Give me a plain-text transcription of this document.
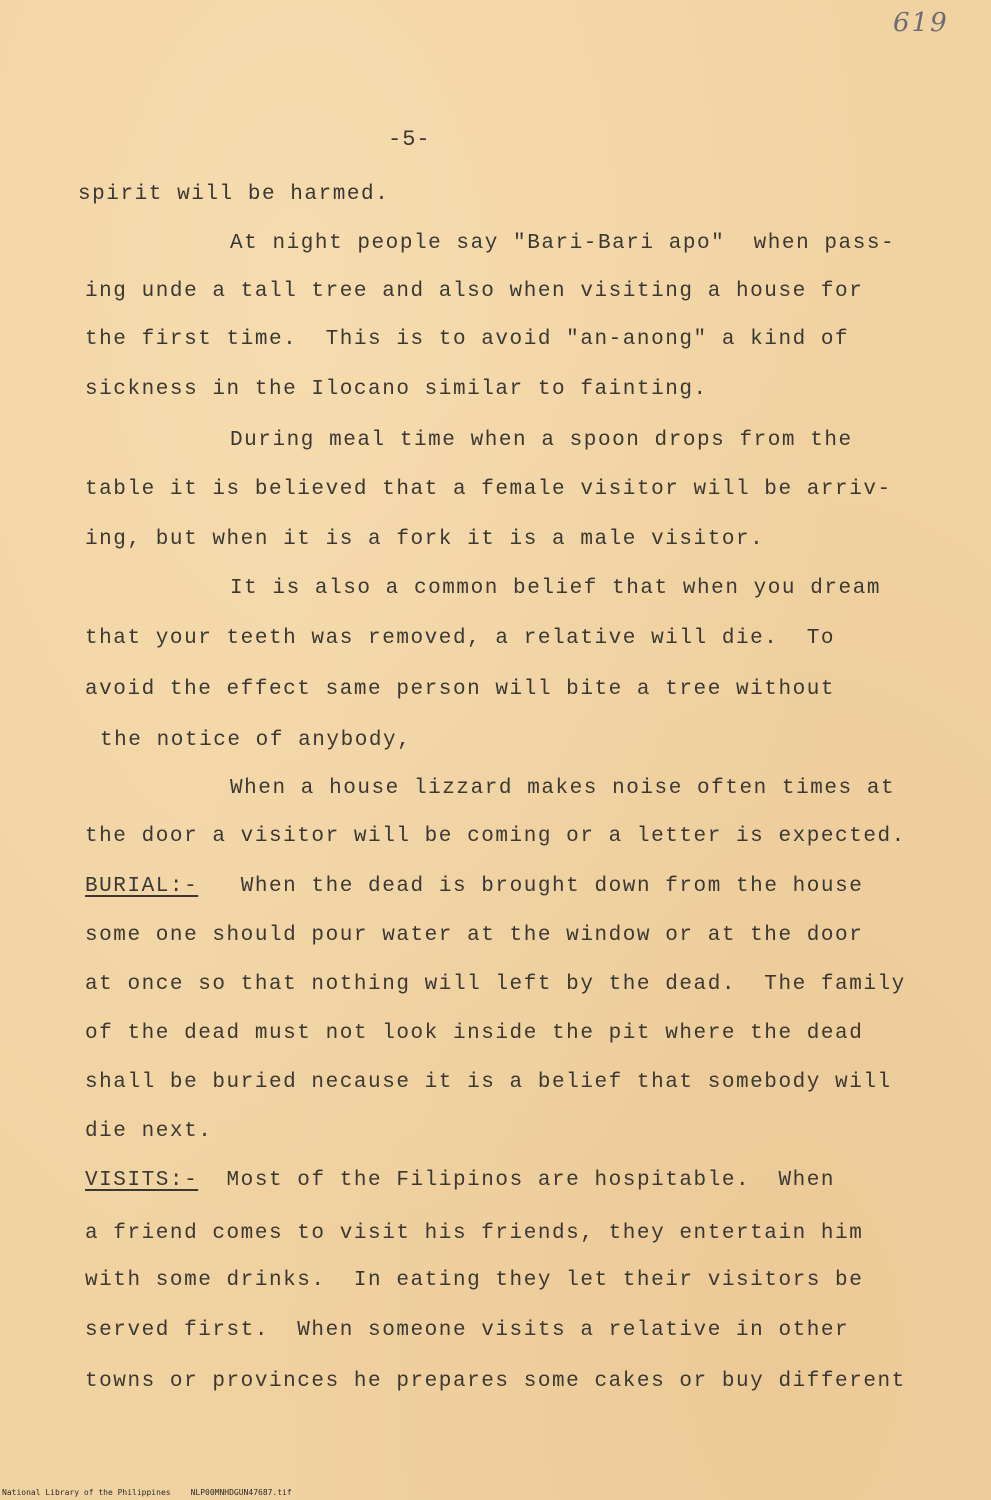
619
-5-
spirit will be harmed.
At night people say "Bari-Bari apo"  when pass-
ing unde a tall tree and also when visiting a house for
the first time.  This is to avoid "an-anong" a kind of
sickness in the Ilocano similar to fainting.
During meal time when a spoon drops from the
table it is believed that a female visitor will be arriv-
ing, but when it is a fork it is a male visitor.
It is also a common belief that when you dream
that your teeth was removed, a relative will die.  To
avoid the effect same person will bite a tree without
the notice of anybody,
When a house lizzard makes noise often times at
the door a visitor will be coming or a letter is expected.
BURIAL:- When the dead is brought down from the house
some one should pour water at the window or at the door
at once so that nothing will left by the dead.  The family
of the dead must not look inside the pit where the dead
shall be buried necause it is a belief that somebody will
die next.
VISITS:- Most of the Filipinos are hospitable.  When
a friend comes to visit his friends, they entertain him
with some drinks.  In eating they let their visitors be
served first.  When someone visits a relative in other
towns or provinces he prepares some cakes or buy different
National Library of the Philippines	NLP00MNHDGUN47687.tif
